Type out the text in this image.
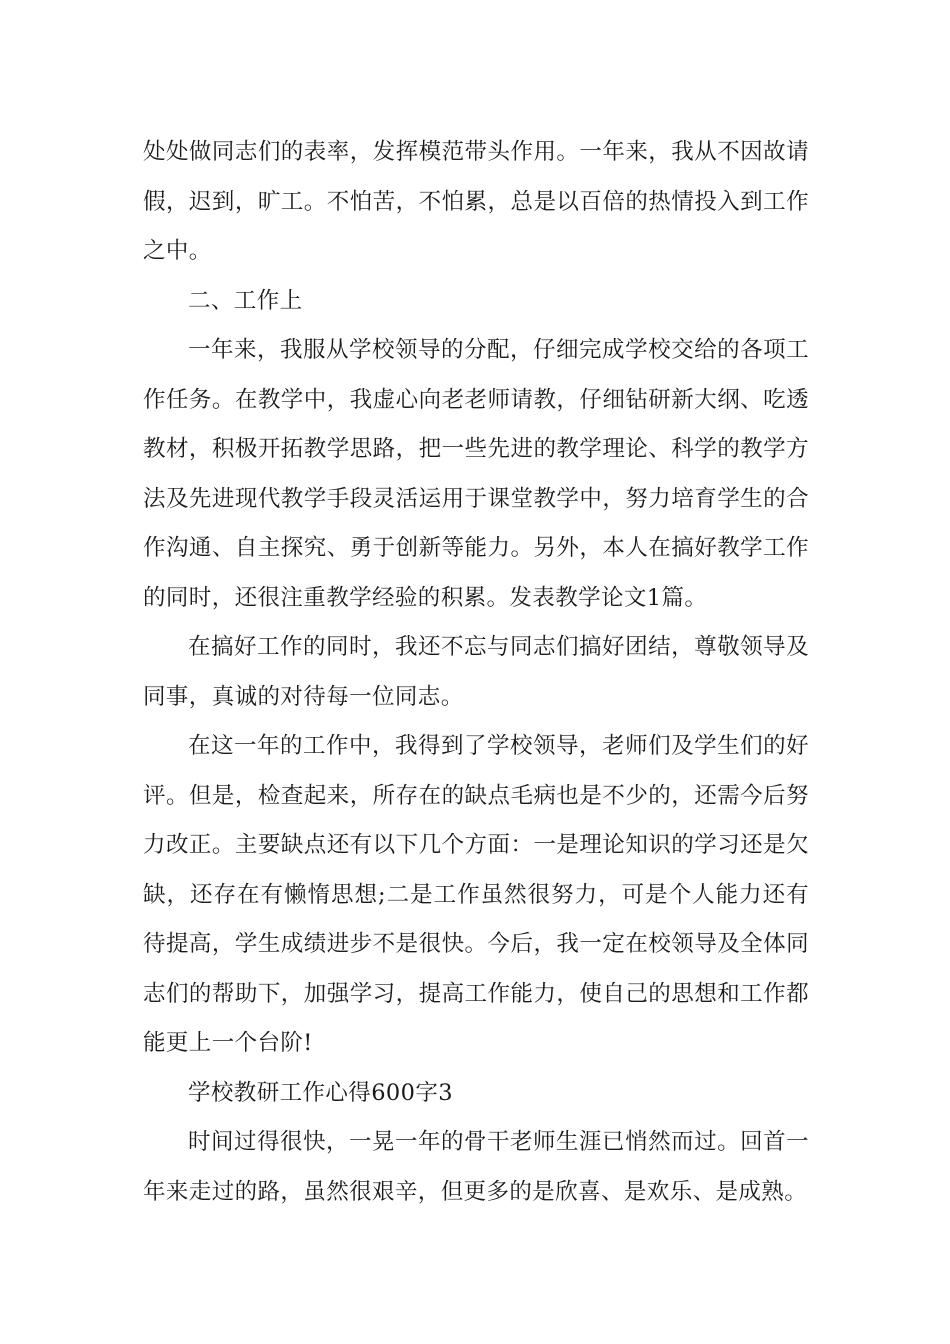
处处做同志们的表率，发挥模范带头作用。一年来，我从不因故请假，迟到，旷工。不怕苦，不怕累，总是以百倍的热情投入到工作之中。

二、工作上

一年来，我服从学校领导的分配，仔细完成学校交给的各项工作任务。在教学中，我虚心向老老师请教，仔细钻研新大纲、吃透教材，积极开拓教学思路，把一些先进的教学理论、科学的教学方法及先进现代教学手段灵活运用于课堂教学中，努力培育学生的合作沟通、自主探究、勇于创新等能力。另外，本人在搞好教学工作的同时，还很注重教学经验的积累。发表教学论文1篇。

在搞好工作的同时，我还不忘与同志们搞好团结，尊敬领导及同事，真诚的对待每一位同志。

在这一年的工作中，我得到了学校领导，老师们及学生们的好评。但是，检查起来，所存在的缺点毛病也是不少的，还需今后努力改正。主要缺点还有以下几个方面：一是理论知识的学习还是欠缺，还存在有懒惰思想;二是工作虽然很努力，可是个人能力还有待提高，学生成绩进步不是很快。今后，我一定在校领导及全体同志们的帮助下，加强学习，提高工作能力，使自己的思想和工作都能更上一个台阶!

学校教研工作心得600字3

时间过得很快，一晃一年的骨干老师生涯已悄然而过。回首一年来走过的路，虽然很艰辛，但更多的是欣喜、是欢乐、是成熟。
